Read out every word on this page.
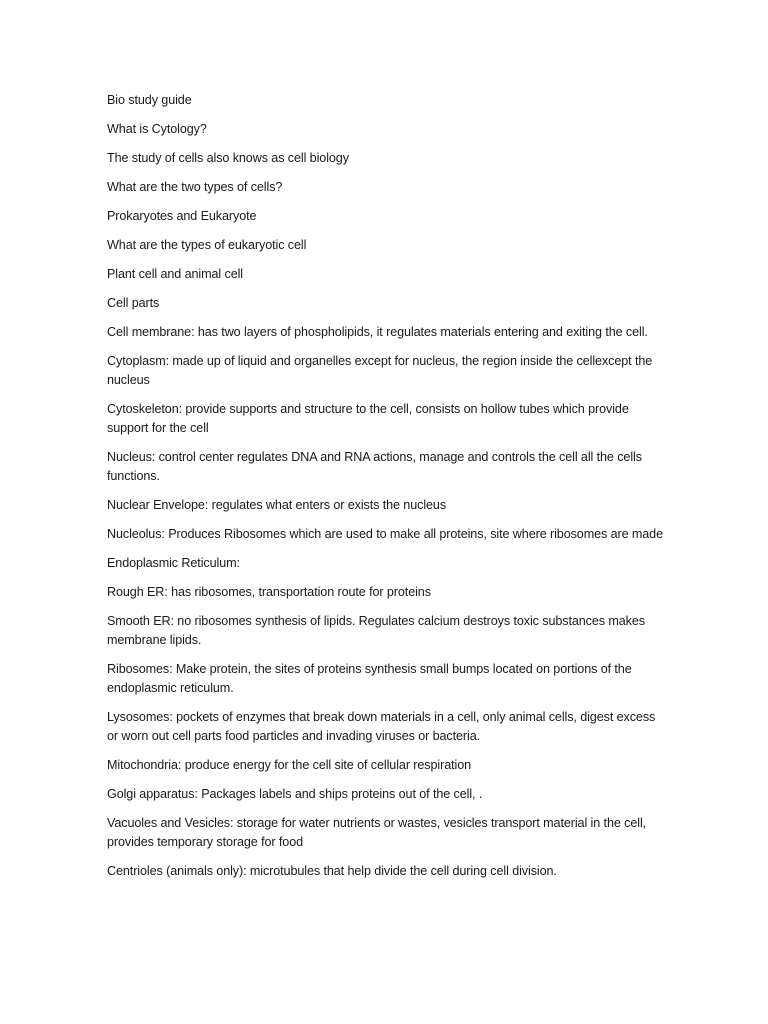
Bio study guide

What is Cytology?

The study of cells also knows as cell biology

What are the two types of cells?

Prokaryotes and Eukaryote

What are the types of eukaryotic cell

Plant cell and animal cell

Cell parts

Cell membrane: has two layers of phospholipids, it regulates materials entering and exiting the cell.

Cytoplasm: made up of liquid and organelles except for nucleus, the region inside the cellexcept the nucleus

Cytoskeleton: provide supports and structure to the cell, consists on hollow tubes which provide support for the cell

Nucleus: control center regulates DNA and RNA actions, manage and controls the cell all the cells functions.

Nuclear Envelope: regulates what enters or exists the nucleus

Nucleolus: Produces Ribosomes which are used to make all proteins, site where ribosomes are made

Endoplasmic Reticulum:

Rough ER: has ribosomes, transportation route for proteins

Smooth ER: no ribosomes synthesis of lipids. Regulates calcium destroys toxic substances makes membrane lipids.

Ribosomes: Make protein, the sites of proteins synthesis small bumps located on portions of the endoplasmic reticulum.

Lysosomes: pockets of enzymes that break down materials in a cell, only animal cells, digest excess or worn out cell parts food particles and invading viruses or bacteria.

Mitochondria: produce energy for the cell site of cellular respiration

Golgi apparatus: Packages labels and ships proteins out of the cell, .

Vacuoles and Vesicles: storage for water nutrients or wastes, vesicles transport material in the cell, provides temporary storage for food

Centrioles (animals only): microtubules that help divide the cell during cell division.
